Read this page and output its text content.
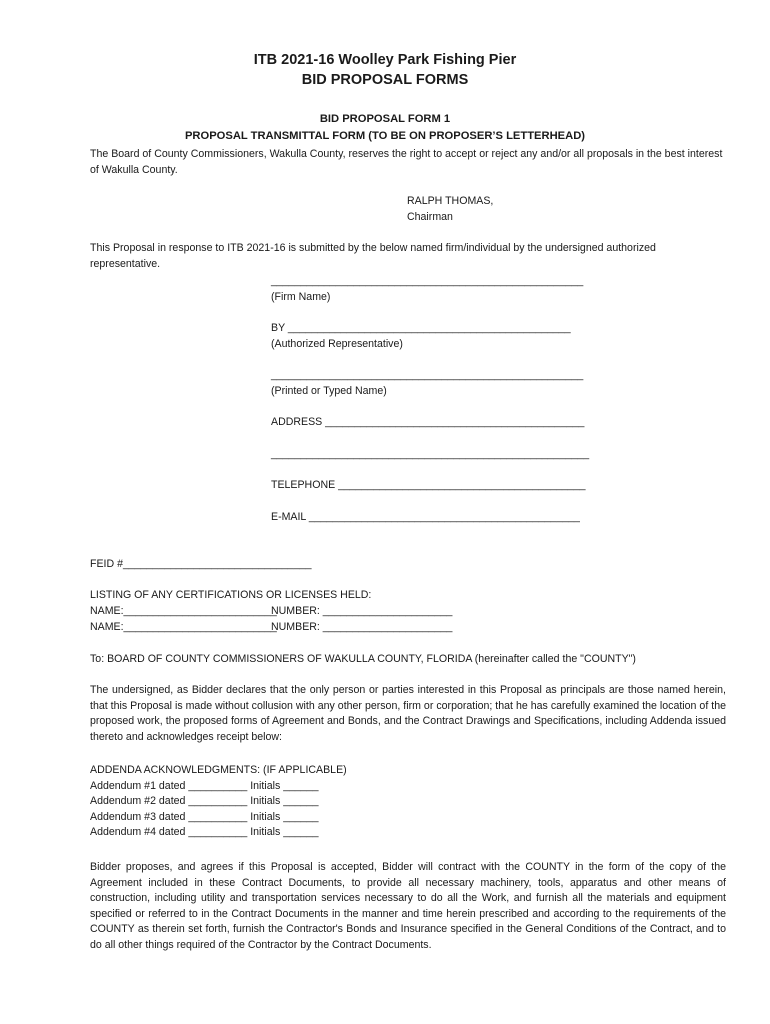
ITB 2021-16 Woolley Park Fishing Pier
BID PROPOSAL FORMS
BID PROPOSAL FORM 1
PROPOSAL TRANSMITTAL FORM (TO BE ON PROPOSER’S LETTERHEAD)
The Board of County Commissioners, Wakulla County, reserves the right to accept or reject any and/or all proposals in the best interest of Wakulla County.
RALPH THOMAS,
Chairman
This Proposal in response to ITB 2021-16 is submitted by the below named firm/individual by the undersigned authorized representative.
_____________________________________________________
(Firm Name)
BY ________________________________________________
(Authorized Representative)
_____________________________________________________
(Printed or Typed Name)
ADDRESS ____________________________________________
______________________________________________________
TELEPHONE __________________________________________
E-MAIL ______________________________________________
FEID #________________________________
LISTING OF ANY CERTIFICATIONS OR LICENSES HELD:
NAME:__________________________
NUMBER: ______________________
NAME:__________________________
NUMBER: ______________________
To: BOARD OF COUNTY COMMISSIONERS OF WAKULLA COUNTY, FLORIDA (hereinafter called the "COUNTY")
The undersigned, as Bidder declares that the only person or parties interested in this Proposal as principals are those named herein, that this Proposal is made without collusion with any other person, firm or corporation; that he has carefully examined the location of the proposed work, the proposed forms of Agreement and Bonds, and the Contract Drawings and Specifications, including Addenda issued thereto and acknowledges receipt below:
ADDENDA ACKNOWLEDGMENTS: (IF APPLICABLE)
Addendum #1 dated __________ Initials ______
Addendum #2 dated __________ Initials ______
Addendum #3 dated __________ Initials ______
Addendum #4 dated __________ Initials ______
Bidder proposes, and agrees if this Proposal is accepted, Bidder will contract with the COUNTY in the form of the copy of the Agreement included in these Contract Documents, to provide all necessary machinery, tools, apparatus and other means of construction, including utility and transportation services necessary to do all the Work, and furnish all the materials and equipment specified or referred to in the Contract Documents in the manner and time herein prescribed and according to the requirements of the COUNTY as therein set forth, furnish the Contractor's Bonds and Insurance specified in the General Conditions of the Contract, and to do all other things required of the Contractor by the Contract Documents.
